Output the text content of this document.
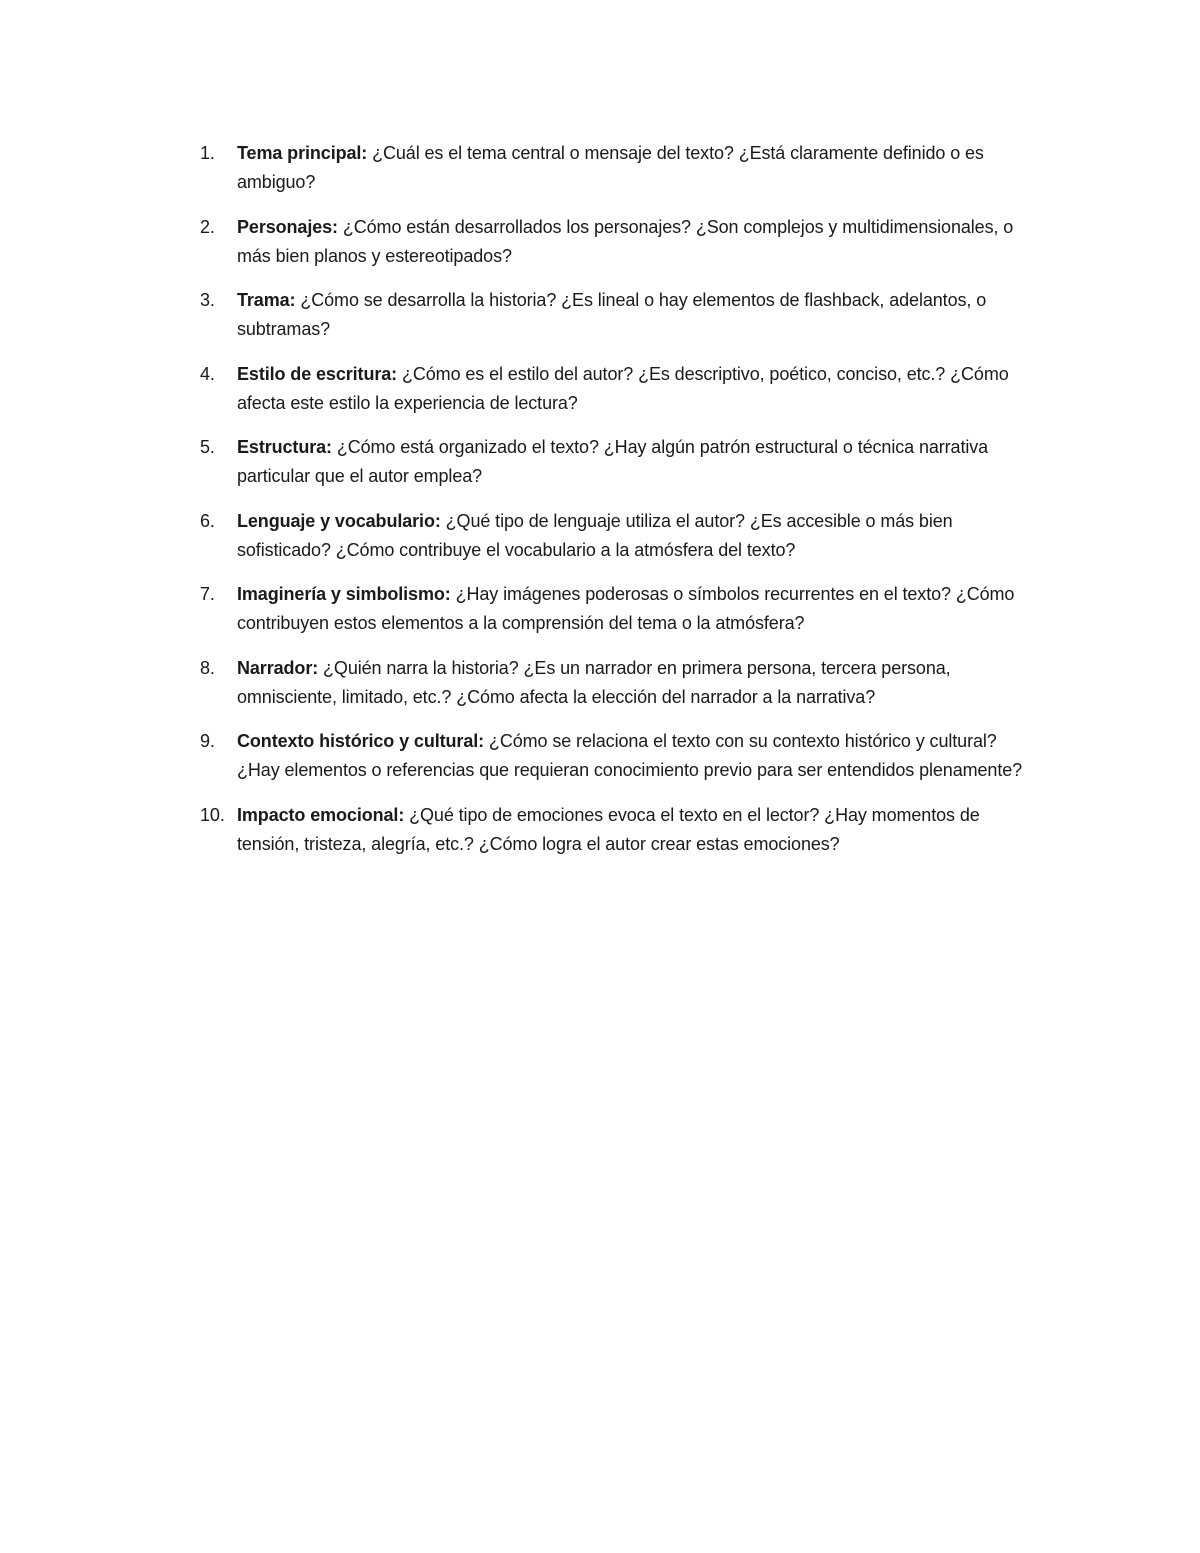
1.	Tema principal: ¿Cuál es el tema central o mensaje del texto? ¿Está claramente definido o es ambiguo?
2.	Personajes: ¿Cómo están desarrollados los personajes? ¿Son complejos y multidimensionales, o más bien planos y estereotipados?
3.	Trama: ¿Cómo se desarrolla la historia? ¿Es lineal o hay elementos de flashback, adelantos, o subtramas?
4.	Estilo de escritura: ¿Cómo es el estilo del autor? ¿Es descriptivo, poético, conciso, etc.? ¿Cómo afecta este estilo la experiencia de lectura?
5.	Estructura: ¿Cómo está organizado el texto? ¿Hay algún patrón estructural o técnica narrativa particular que el autor emplea?
6.	Lenguaje y vocabulario: ¿Qué tipo de lenguaje utiliza el autor? ¿Es accesible o más bien sofisticado? ¿Cómo contribuye el vocabulario a la atmósfera del texto?
7.	Imaginería y simbolismo: ¿Hay imágenes poderosas o símbolos recurrentes en el texto? ¿Cómo contribuyen estos elementos a la comprensión del tema o la atmósfera?
8.	Narrador: ¿Quién narra la historia? ¿Es un narrador en primera persona, tercera persona, omnisciente, limitado, etc.? ¿Cómo afecta la elección del narrador a la narrativa?
9.	Contexto histórico y cultural: ¿Cómo se relaciona el texto con su contexto histórico y cultural? ¿Hay elementos o referencias que requieran conocimiento previo para ser entendidos plenamente?
10. Impacto emocional: ¿Qué tipo de emociones evoca el texto en el lector? ¿Hay momentos de tensión, tristeza, alegría, etc.? ¿Cómo logra el autor crear estas emociones?
